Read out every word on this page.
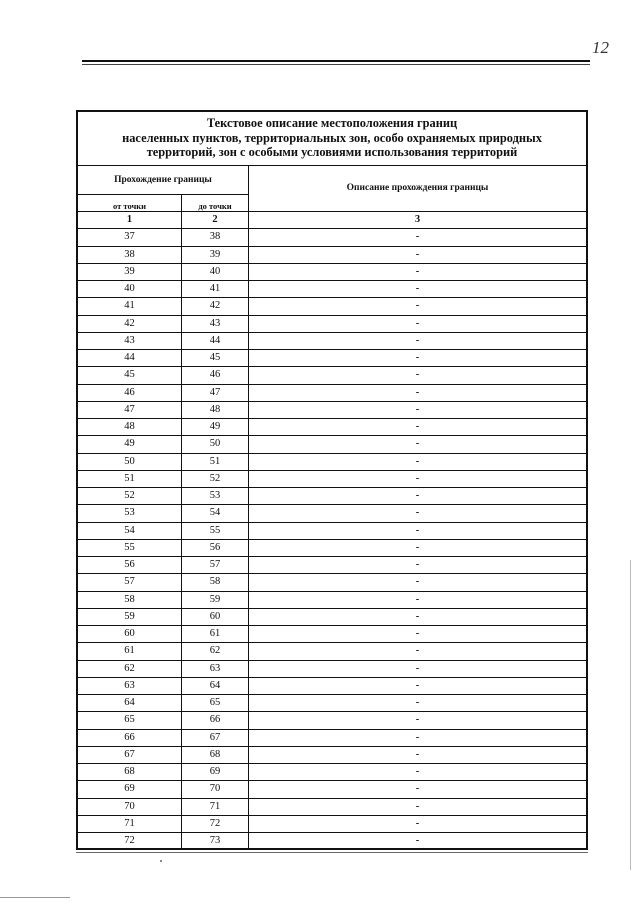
12
Текстовое описание местоположения границ
населенных пунктов, территориальных зон, особо охраняемых природных
территорий, зон с особыми условиями использования территорий
Прохождение границы
от точки	до точки
Описание прохождения границы
1	2	3
37	38	-
38	39	-
39	40	-
40	41	-
41	42	-
42	43	-
43	44	-
44	45	-
45	46	-
46	47	-
47	48	-
48	49	-
49	50	-
50	51	-
51	52	-
52	53	-
53	54	-
54	55	-
55	56	-
56	57	-
57	58	-
58	59	-
59	60	-
60	61	-
61	62	-
62	63	-
63	64	-
64	65	-
65	66	-
66	67	-
67	68	-
68	69	-
69	70	-
70	71	-
71	72	-
72	73	-
